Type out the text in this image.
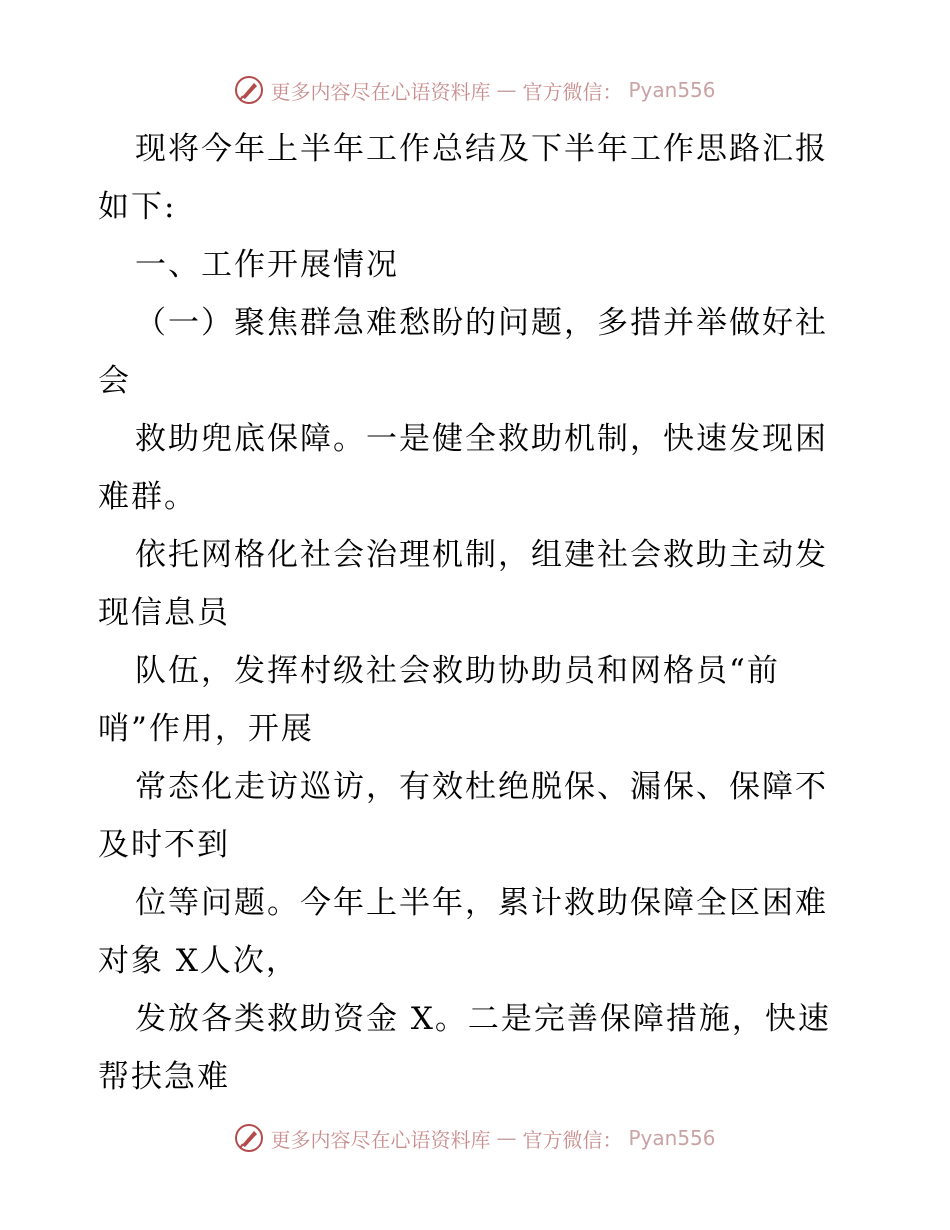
更多内容尽在心语资料库 — 官方微信： Pyan556

现将今年上半年工作总结及下半年工作思路汇报如下:

一、工作开展情况

（一）聚焦群急难愁盼的问题，多措并举做好社会

救助兜底保障。一是健全救助机制，快速发现困难群。

依托网格化社会治理机制，组建社会救助主动发现信息员

队伍，发挥村级社会救助协助员和网格员“前哨”作用，开展

常态化走访巡访，有效杜绝脱保、漏保、保障不及时不到

位等问题。今年上半年，累计救助保障全区困难对象 X人次，

发放各类救助资金 X。二是完善保障措施，快速帮扶急难

更多内容尽在心语资料库 — 官方微信： Pyan556
